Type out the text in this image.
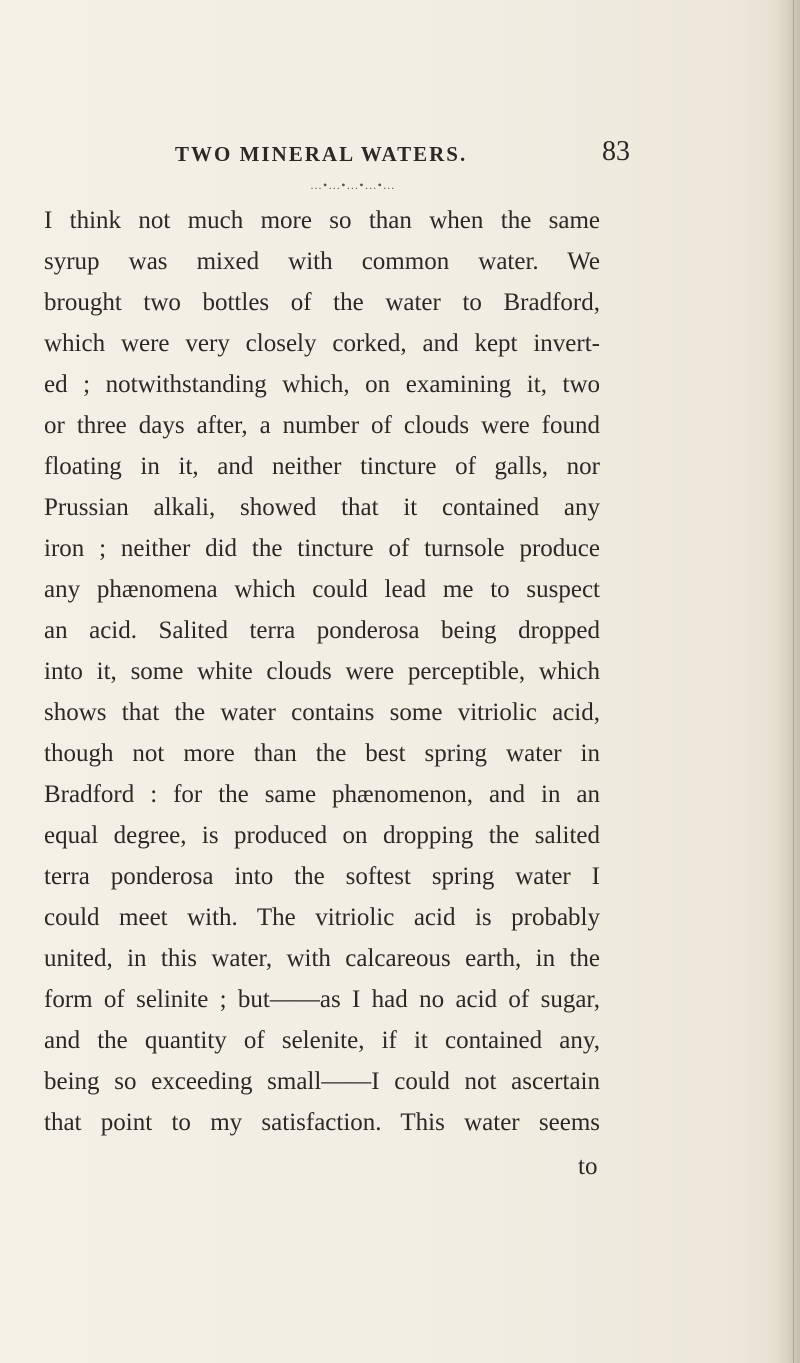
TWO MINERAL WATERS.	83
…•…•…•…•…
I think not much more so than when the same
syrup was mixed with common water. We
brought two bottles of the water to Bradford,
which were very closely corked, and kept invert-
ed ; notwithstanding which, on examining it, two
or three days after, a number of clouds were found
floating in it, and neither tincture of galls, nor
Prussian alkali, showed that it contained any
iron ; neither did the tincture of turnsole produce
any phænomena which could lead me to suspect
an acid. Salited terra ponderosa being dropped
into it, some white clouds were perceptible, which
shows that the water contains some vitriolic acid,
though not more than the best spring water in
Bradford : for the same phænomenon, and in an
equal degree, is produced on dropping the salited
terra ponderosa into the softest spring water I
could meet with. The vitriolic acid is probably
united, in this water, with calcareous earth, in the
form of selinite ; but——as I had no acid of sugar,
and the quantity of selenite, if it contained any,
being so exceeding small——I could not ascertain
that point to my satisfaction. This water seems
to
